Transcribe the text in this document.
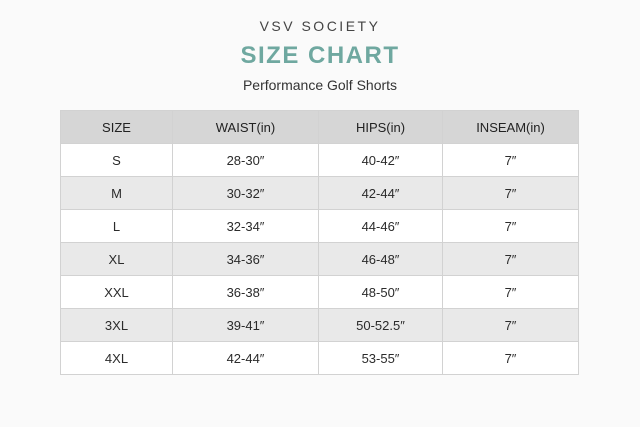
VSV SOCIETY
SIZE CHART
Performance Golf Shorts
SIZE	WAIST(in)	HIPS(in)	INSEAM(in)
S	28-30″	40-42″	7″
M	30-32″	42-44″	7″
L	32-34″	44-46″	7″
XL	34-36″	46-48″	7″
XXL	36-38″	48-50″	7″
3XL	39-41″	50-52.5″	7″
4XL	42-44″	53-55″	7″
